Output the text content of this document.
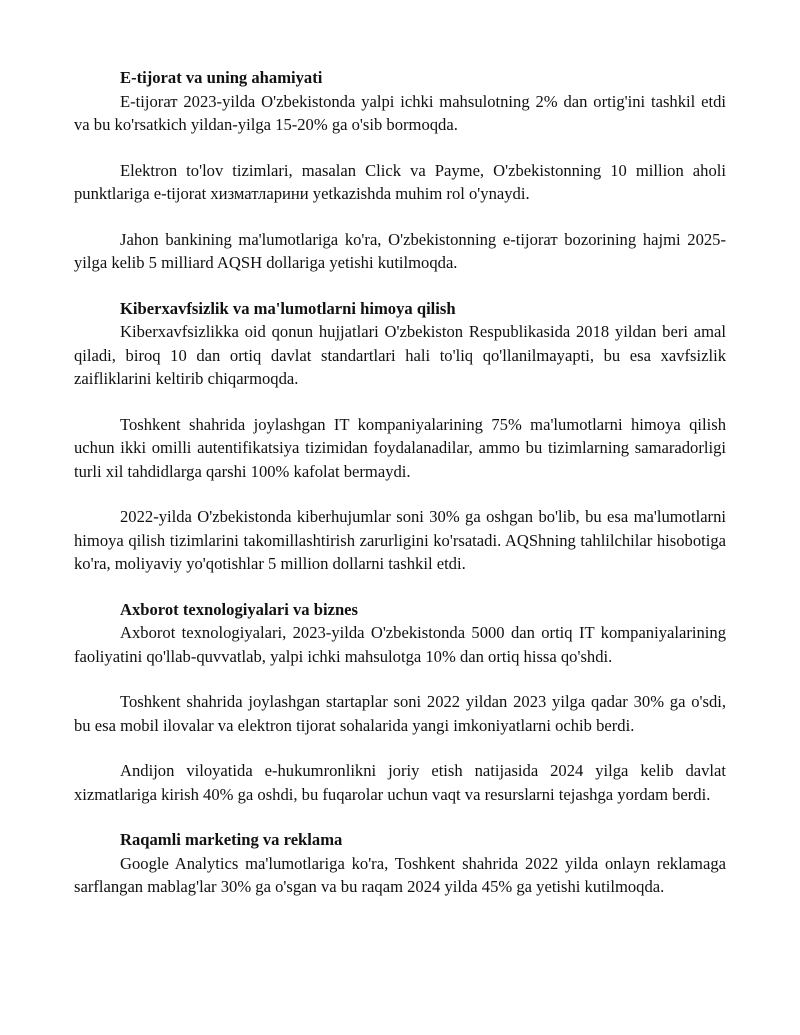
E-tijorat va uning ahamiyati

E-tijorат 2023-yilda O'zbekistonda yalpi ichki mahsulotning 2% dan ortig'ini tashkil etdi va bu ko'rsatkich yildan-yilga 15-20% ga o'sib bormoqda.

Elektron to'lov tizimlari, masalan Click va Payme, O'zbekistonning 10 million aholi punktlariga e-tijorat хизматларини yetkazishda muhim rol o'ynaydi.

Jahon bankining ma'lumotlariga ko'ra, O'zbekistonning e-tijorат bozorining hajmi 2025-yilga kelib 5 milliard AQSH dollariga yetishi kutilmoqda.

Kiberxavfsizlik va ma'lumotlarni himoya qilish

Kiberxavfsizlikka oid qonun hujjatlari O'zbekiston Respublikasida 2018 yildan beri amal qiladi, biroq 10 dan ortiq davlat standartlari hali to'liq qo'llanilmayapti, bu esa xavfsizlik zaifliklarini keltirib chiqarmoqda.

Toshkent shahrida joylashgan IT kompaniyalarining 75% ma'lumotlarni himoya qilish uchun ikki omilli autentifikatsiya tizimidan foydalanadilar, ammo bu tizimlarning samaradorligi turli xil tahdidlarga qarshi 100% kafolat bermaydi.

2022-yilda O'zbekistonda kiberhujumlar soni 30% ga oshgan bo'lib, bu esa ma'lumotlarni himoya qilish tizimlarini takomillashtirish zarurligini ko'rsatadi. AQShning tahlilchilar hisobotiga ko'ra, moliyaviy yo'qotishlar 5 million dollarni tashkil etdi.

Axborot texnologiyalari va biznes

Axborot texnologiyalari, 2023-yilda O'zbekistonda 5000 dan ortiq IT kompaniyalarining faoliyatini qo'llab-quvvatlab, yalpi ichki mahsulotga 10% dan ortiq hissa qo'shdi.

Toshkent shahrida joylashgan startaplar soni 2022 yildan 2023 yilga qadar 30% ga o'sdi, bu esa mobil ilovalar va elektron tijorat sohalarida yangi imkoniyatlarni ochib berdi.

Andijon viloyatida e-hukumronlikni joriy etish natijasida 2024 yilga kelib davlat xizmatlariga kirish 40% ga oshdi, bu fuqarolar uchun vaqt va resurslarni tejashga yordam berdi.

Raqamli marketing va reklama

Google Analytics ma'lumotlariga ko'ra, Toshkent shahrida 2022 yilda onlayn reklamaga sarflangan mablag'lar 30% ga o'sgan va bu raqam 2024 yilda 45% ga yetishi kutilmoqda.
